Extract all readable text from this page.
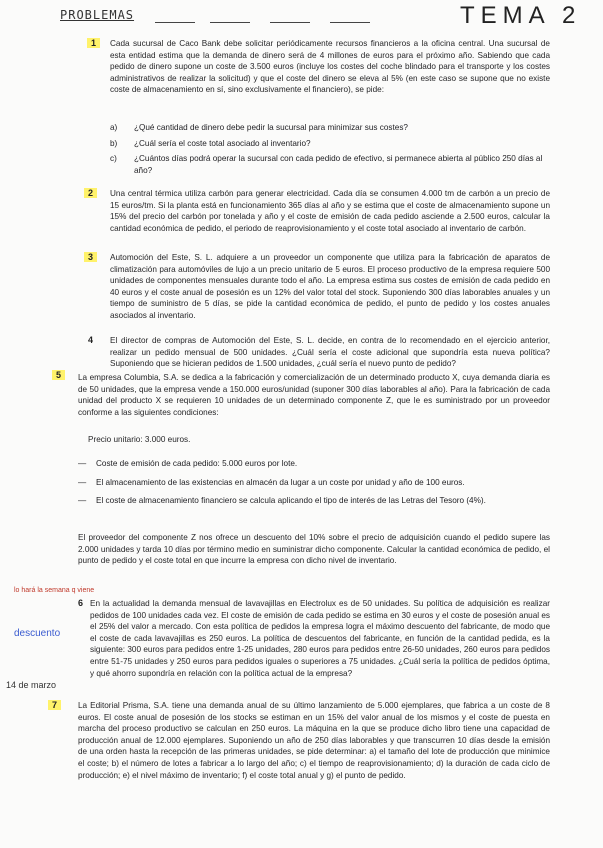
PROBLEMAS	TEMA 2
1	Cada sucursal de Caco Bank debe solicitar periódicamente recursos financieros a la oficina central. Una sucursal de esta entidad estima que la demanda de dinero será de 4 millones de euros para el próximo año. Sabiendo que cada pedido de dinero supone un coste de 3.500 euros (incluye los costes del coche blindado para el transporte y los costes administrativos de realizar la solicitud) y que el coste del dinero se eleva al 5% (en este caso se supone que no existe coste de almacenamiento en sí, sino exclusivamente el financiero), se pide:
a)	¿Qué cantidad de dinero debe pedir la sucursal para minimizar sus costes?
b)	¿Cuál sería el coste total asociado al inventario?
c)	¿Cuántos días podrá operar la sucursal con cada pedido de efectivo, si permanece abierta al público 250 días al año?
2	Una central térmica utiliza carbón para generar electricidad. Cada día se consumen 4.000 tm de carbón a un precio de 15 euros/tm. Si la planta está en funcionamiento 365 días al año y se estima que el coste de almacenamiento supone un 15% del precio del carbón por tonelada y año y el coste de emisión de cada pedido asciende a 2.500 euros, calcular la cantidad económica de pedido, el periodo de reaprovisionamiento y el coste total asociado al inventario de carbón.
3	Automoción del Este, S. L. adquiere a un proveedor un componente que utiliza para la fabricación de aparatos de climatización para automóviles de lujo a un precio unitario de 5 euros. El proceso productivo de la empresa requiere 500 unidades de componentes mensuales durante todo el año. La empresa estima sus costes de emisión de cada pedido en 40 euros y el coste anual de posesión es un 12% del valor total del stock. Suponiendo 300 días laborables anuales y un tiempo de suministro de 5 días, se pide la cantidad económica de pedido, el punto de pedido y los costes anuales asociados al inventario.
4 El director de compras de Automoción del Este, S. L. decide, en contra de lo recomendado en el ejercicio anterior, realizar un pedido mensual de 500 unidades. ¿Cuál sería el coste adicional que supondría esta nueva política? Suponiendo que se hicieran pedidos de 1.500 unidades, ¿cuál sería el nuevo punto de pedido?
5	La empresa Columbia, S.A. se dedica a la fabricación y comercialización de un determinado producto X, cuya demanda diaria es de 50 unidades, que la empresa vende a 150.000 euros/unidad (suponer 300 días laborables al año). Para la fabricación de cada unidad del producto X se requieren 10 unidades de un determinado componente Z, que le es suministrado por un proveedor conforme a las siguientes condiciones:
Precio unitario: 3.000 euros.
—	Coste de emisión de cada pedido: 5.000 euros por lote.
—	El almacenamiento de las existencias en almacén da lugar a un coste por unidad y año de 100 euros.
—	El coste de almacenamiento financiero se calcula aplicando el tipo de interés de las Letras del Tesoro (4%).
El proveedor del componente Z nos ofrece un descuento del 10% sobre el precio de adquisición cuando el pedido supere las 2.000 unidades y tarda 10 días por término medio en suministrar dicho componente. Calcular la cantidad económica de pedido, el punto de pedido y el coste total en que incurre la empresa con dicho nivel de inventario.
lo hará la semana q viene
descuento
14 de marzo
6 En la actualidad la demanda mensual de lavavajillas en Electrolux es de 50 unidades. Su política de adquisición es realizar pedidos de 100 unidades cada vez. El coste de emisión de cada pedido se estima en 30 euros y el coste de posesión anual es el 25% del valor a mercado. Con esta política de pedidos la empresa logra el máximo descuento del fabricante, de modo que el coste de cada lavavajillas es 250 euros. La política de descuentos del fabricante, en función de la cantidad pedida, es la siguiente: 300 euros para pedidos entre 1-25 unidades, 280 euros para pedidos entre 26-50 unidades, 260 euros para pedidos entre 51-75 unidades y 250 euros para pedidos iguales o superiores a 75 unidades. ¿Cuál sería la política de pedidos óptima, y qué ahorro supondría en relación con la política actual de la empresa?
7	La Editorial Prisma, S.A. tiene una demanda anual de su último lanzamiento de 5.000 ejemplares, que fabrica a un coste de 8 euros. El coste anual de posesión de los stocks se estiman en un 15% del valor anual de los mismos y el coste de puesta en marcha del proceso productivo se calculan en 250 euros. La máquina en la que se produce dicho libro tiene una capacidad de producción anual de 12.000 ejemplares. Suponiendo un año de 250 días laborables y que transcurren 10 días desde la emisión de una orden hasta la recepción de las primeras unidades, se pide determinar: a) el tamaño del lote de producción que minimice el coste; b) el número de lotes a fabricar a lo largo del año; c) el tiempo de reaprovisionamiento; d) la duración de cada ciclo de producción; e) el nivel máximo de inventario; f) el coste total anual y g) el punto de pedido.
